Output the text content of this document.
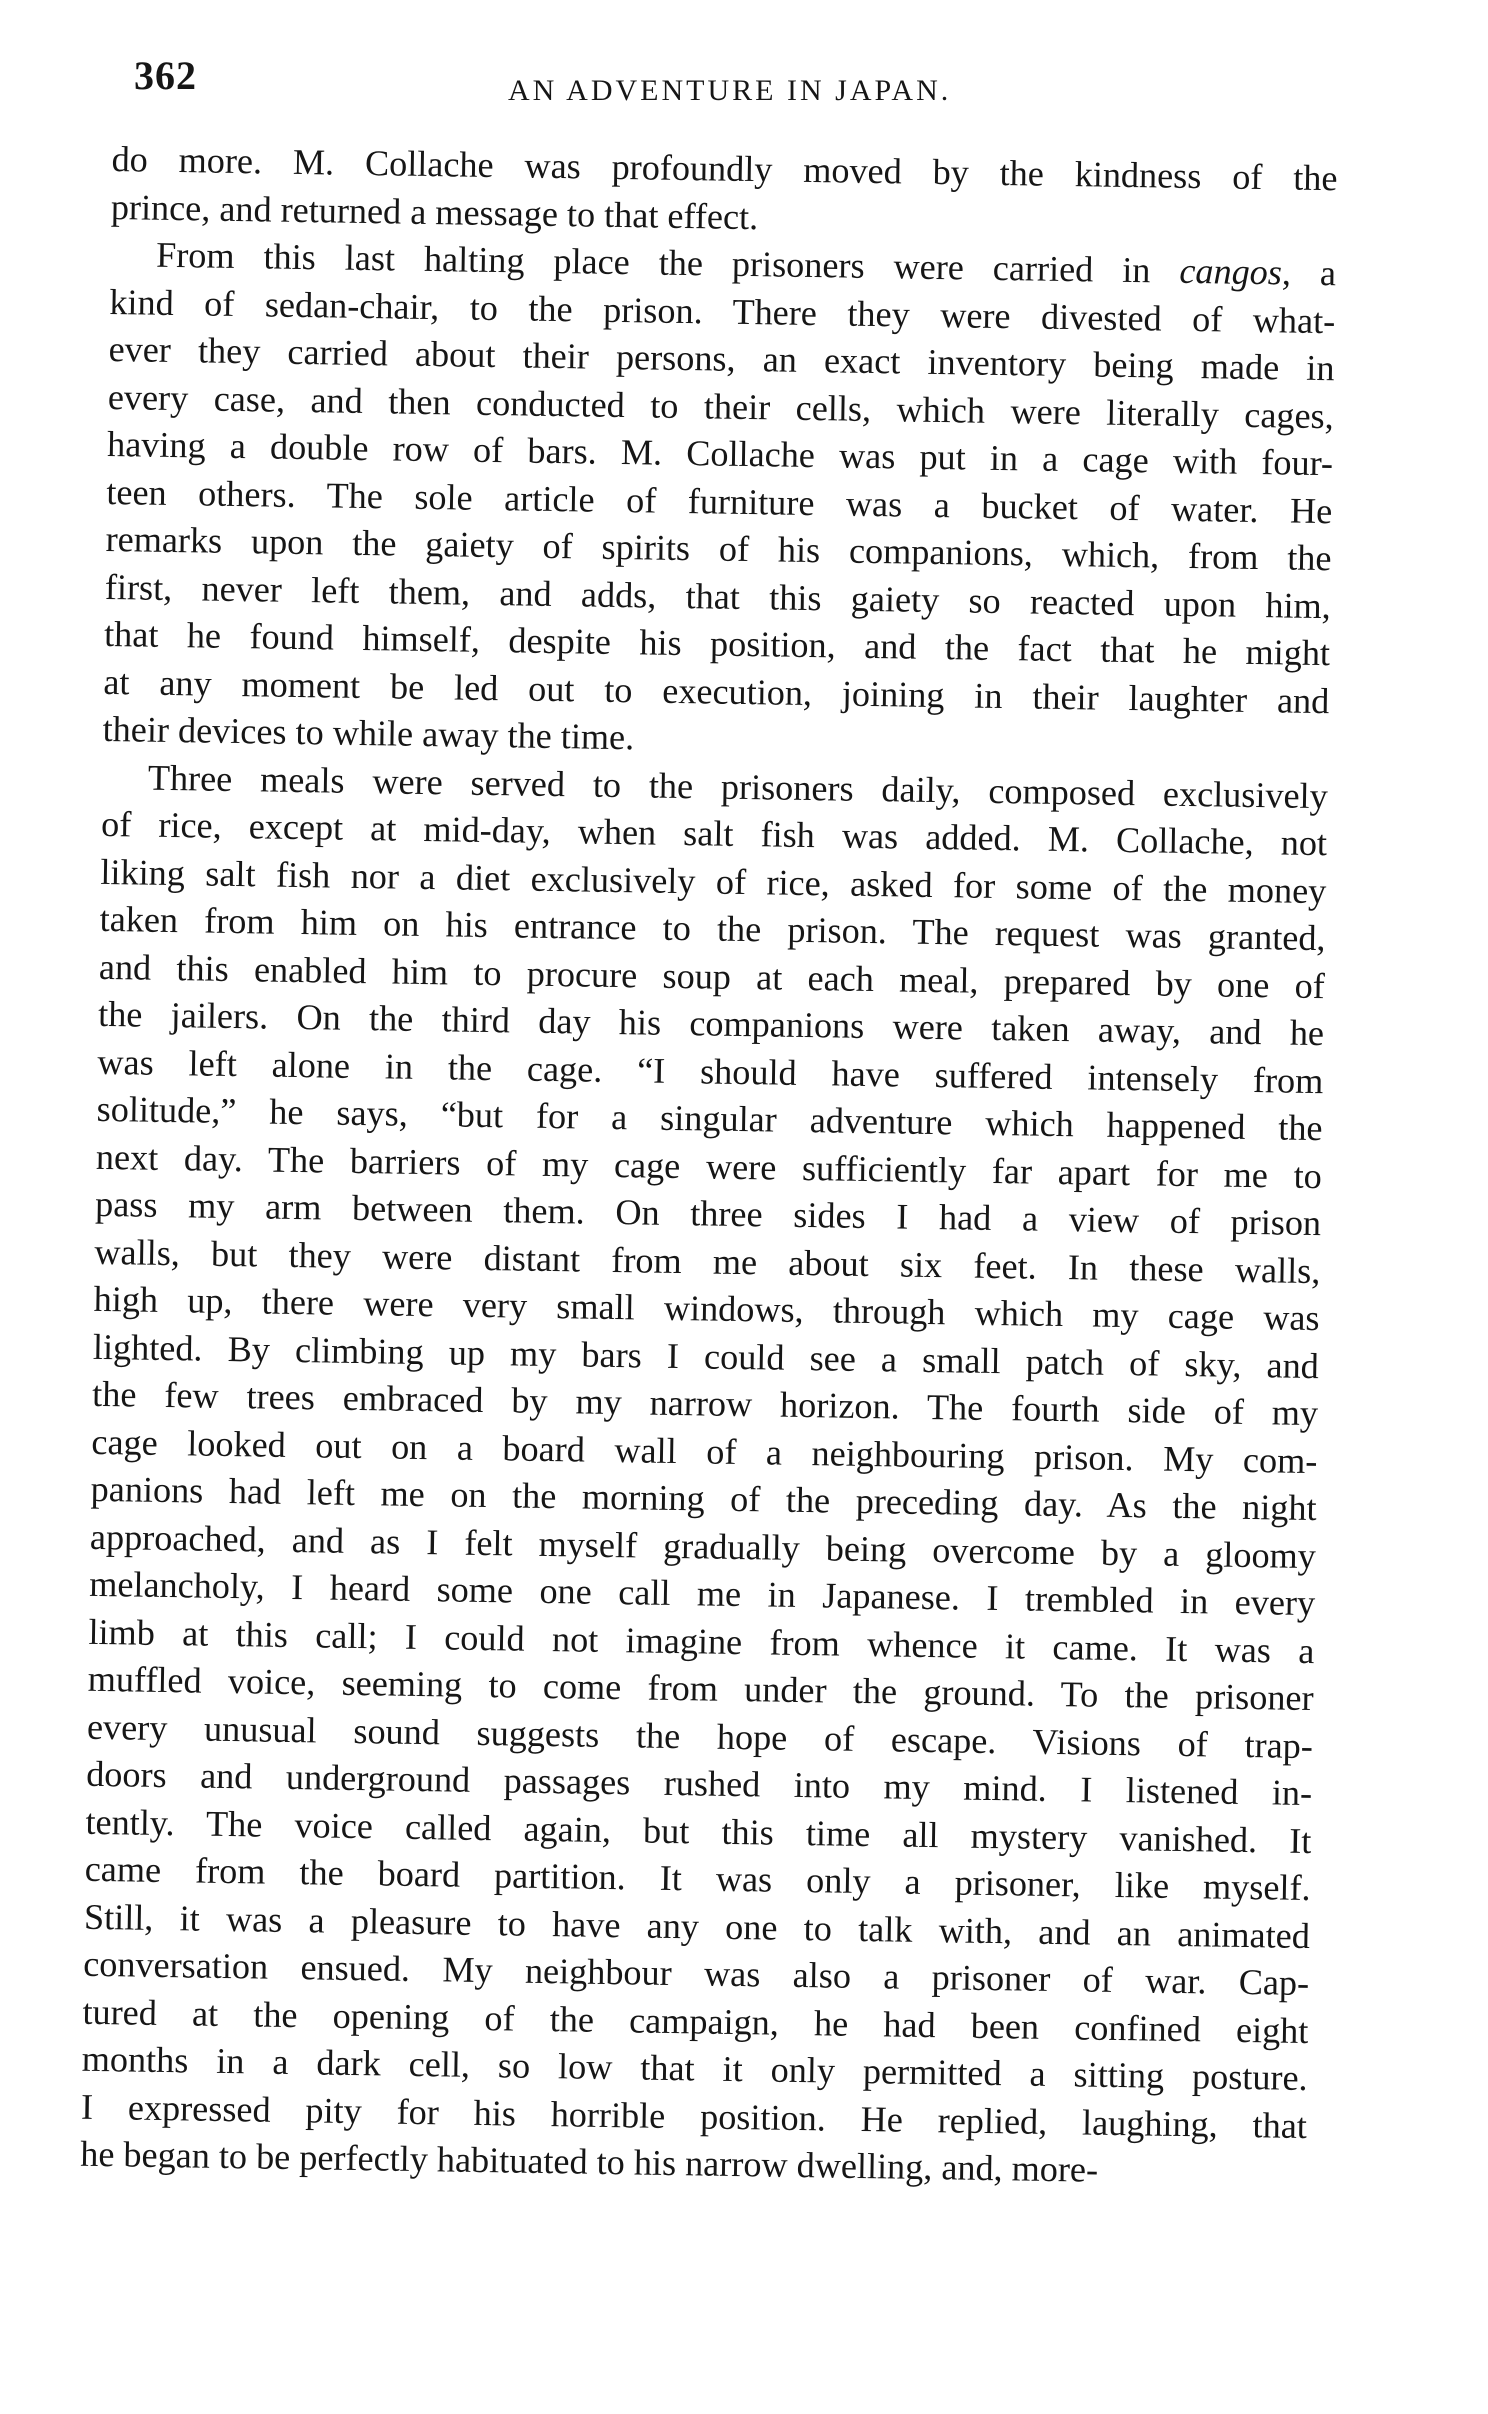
362	AN ADVENTURE IN JAPAN.
do more. M. Collache was profoundly moved by the kindness of the
prince, and returned a message to that effect.
From this last halting place the prisoners were carried in cangos, a
kind of sedan-chair, to the prison. There they were divested of what-
ever they carried about their persons, an exact inventory being made in
every case, and then conducted to their cells, which were literally cages,
having a double row of bars. M. Collache was put in a cage with four-
teen others. The sole article of furniture was a bucket of water. He
remarks upon the gaiety of spirits of his companions, which, from the
first, never left them, and adds, that this gaiety so reacted upon him,
that he found himself, despite his position, and the fact that he might
at any moment be led out to execution, joining in their laughter and
their devices to while away the time.
Three meals were served to the prisoners daily, composed exclusively
of rice, except at mid-day, when salt fish was added. M. Collache, not
liking salt fish nor a diet exclusively of rice, asked for some of the money
taken from him on his entrance to the prison. The request was granted,
and this enabled him to procure soup at each meal, prepared by one of
the jailers. On the third day his companions were taken away, and he
was left alone in the cage. “I should have suffered intensely from
solitude,” he says, “but for a singular adventure which happened the
next day. The barriers of my cage were sufficiently far apart for me to
pass my arm between them. On three sides I had a view of prison
walls, but they were distant from me about six feet. In these walls,
high up, there were very small windows, through which my cage was
lighted. By climbing up my bars I could see a small patch of sky, and
the few trees embraced by my narrow horizon. The fourth side of my
cage looked out on a board wall of a neighbouring prison. My com-
panions had left me on the morning of the preceding day. As the night
approached, and as I felt myself gradually being overcome by a gloomy
melancholy, I heard some one call me in Japanese. I trembled in every
limb at this call; I could not imagine from whence it came. It was a
muffled voice, seeming to come from under the ground. To the prisoner
every unusual sound suggests the hope of escape. Visions of trap-
doors and underground passages rushed into my mind. I listened in-
tently. The voice called again, but this time all mystery vanished. It
came from the board partition. It was only a prisoner, like myself.
Still, it was a pleasure to have any one to talk with, and an animated
conversation ensued. My neighbour was also a prisoner of war. Cap-
tured at the opening of the campaign, he had been confined eight
months in a dark cell, so low that it only permitted a sitting posture.
I expressed pity for his horrible position. He replied, laughing, that
he began to be perfectly habituated to his narrow dwelling, and, more-
